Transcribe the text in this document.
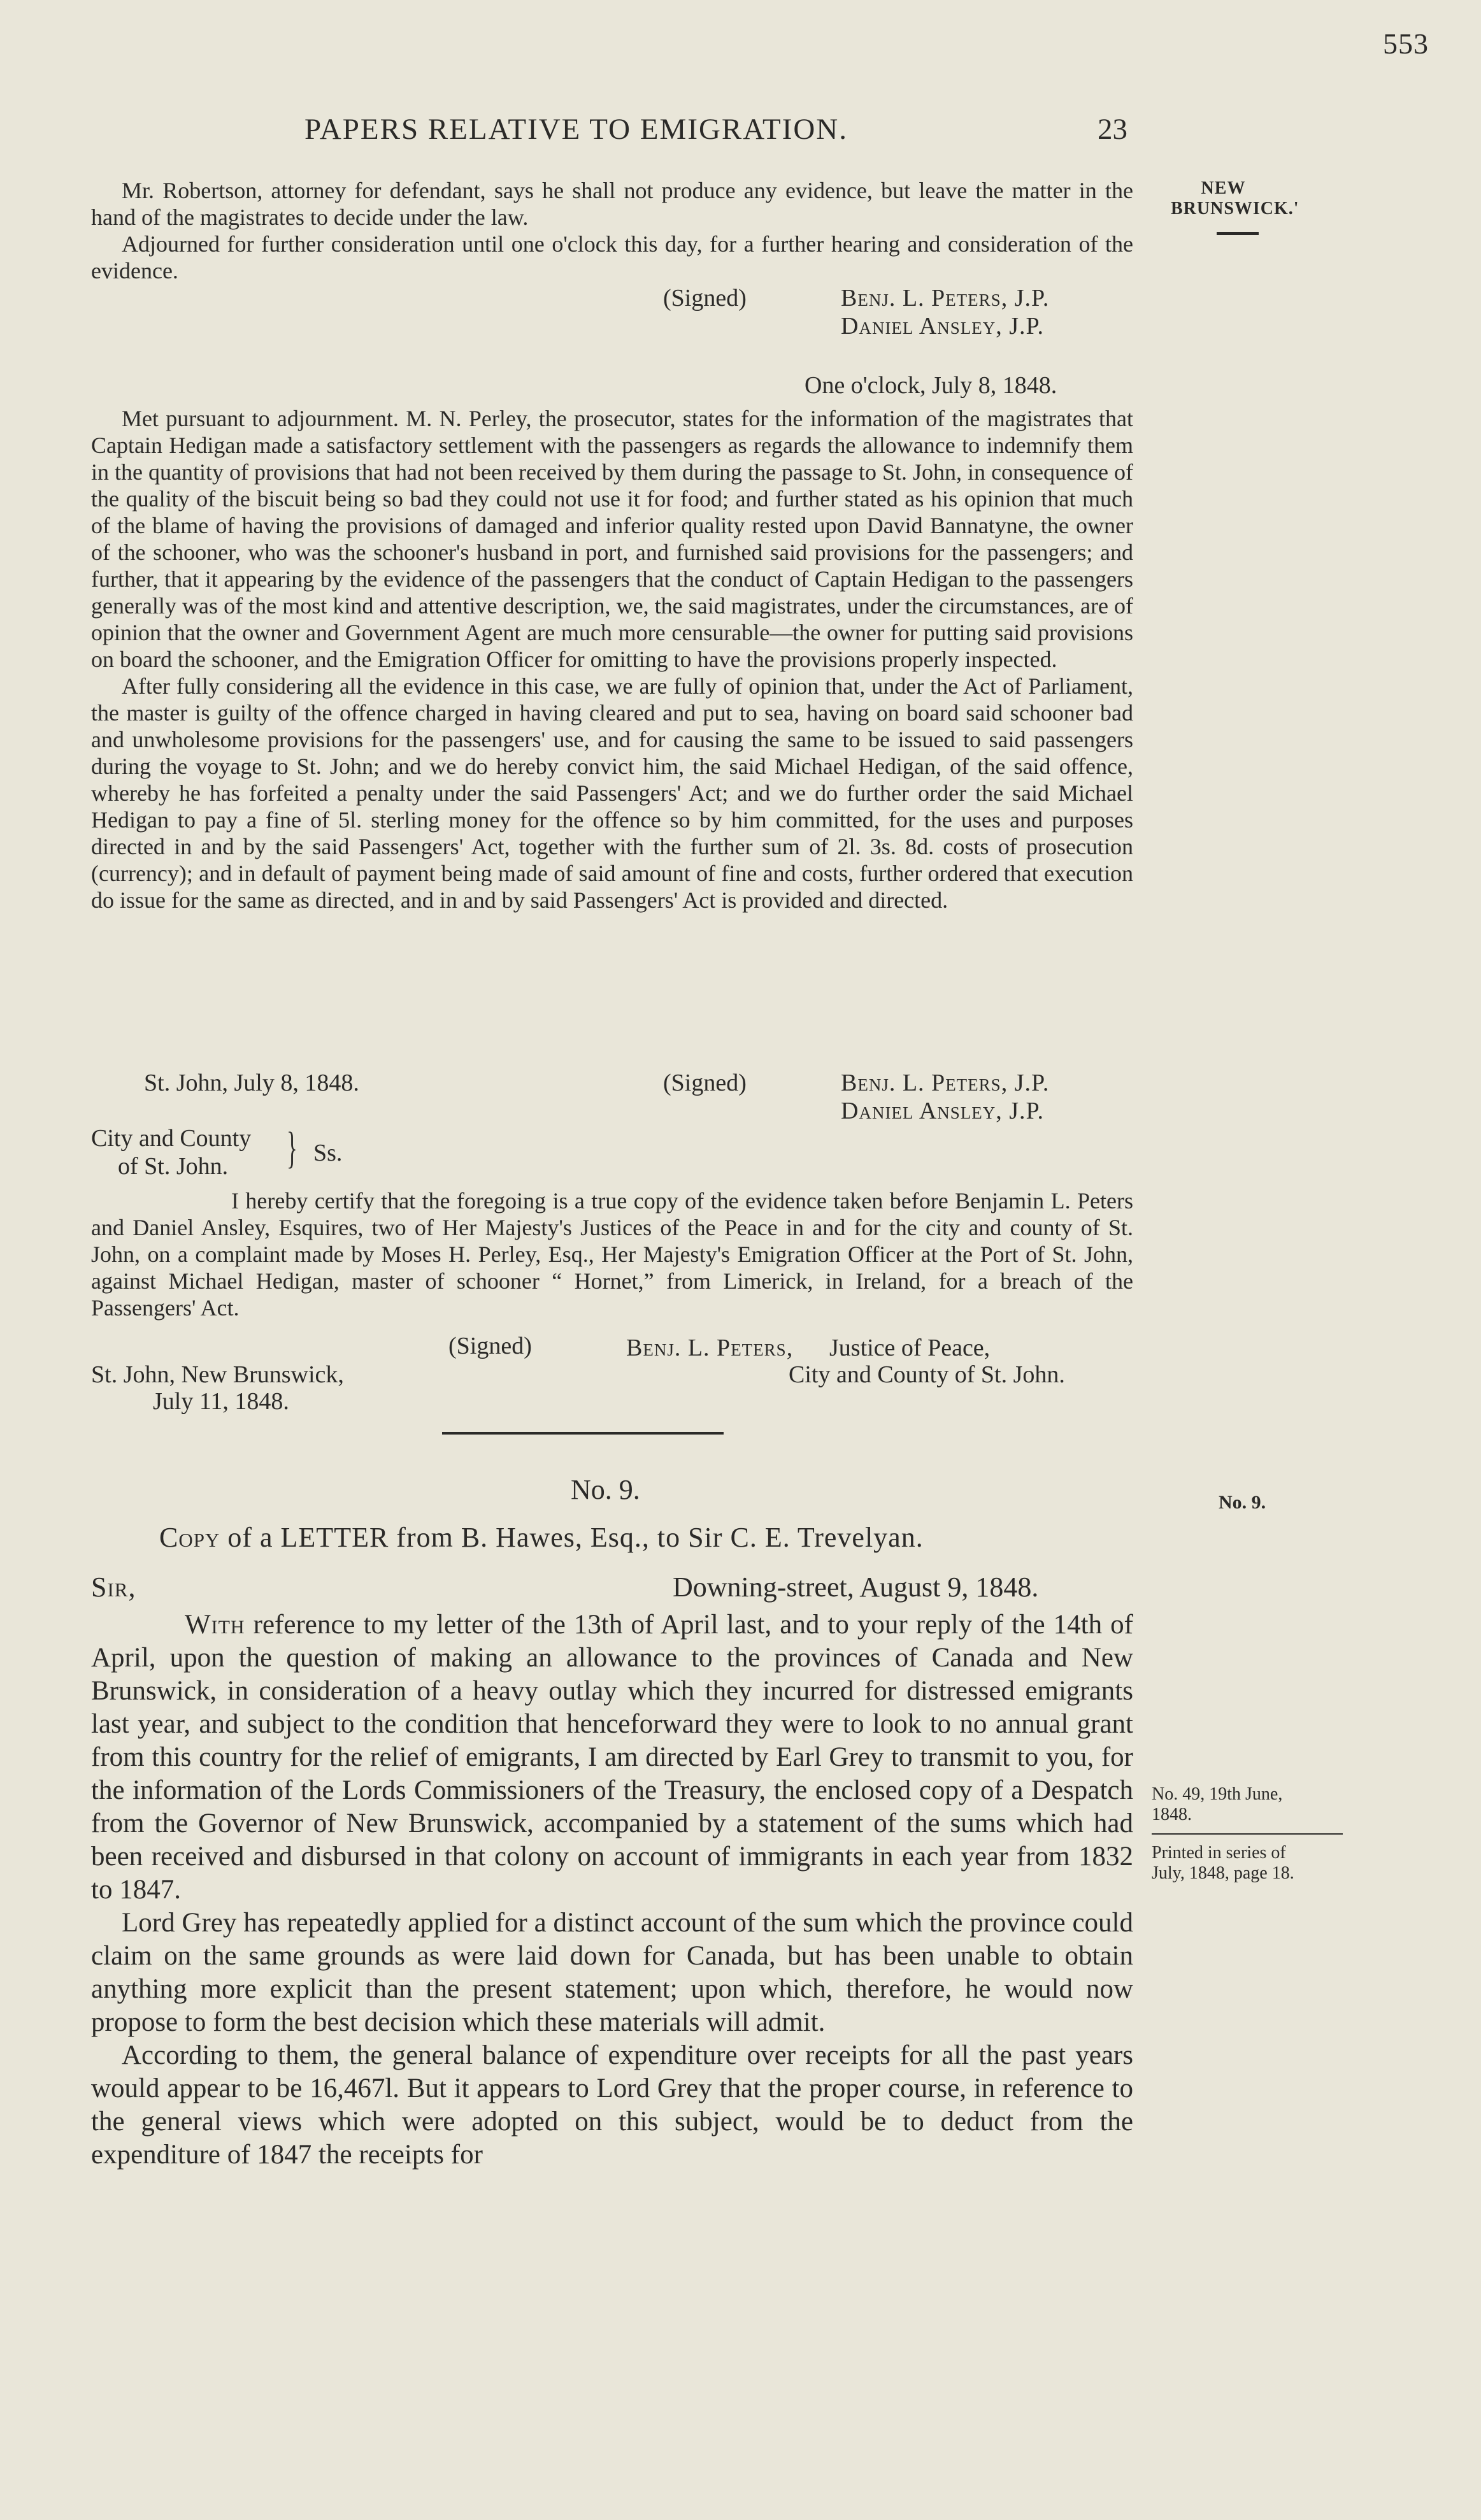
553
PAPERS RELATIVE TO EMIGRATION.	23
NEW
BRUNSWICK.'
No. 9.
No. 49, 19th June,
1848.
Printed in series of
July, 1848, page 18.

Mr. Robertson, attorney for defendant, says he shall not produce any evidence, but leave the matter in the hand of the magistrates to decide under the law.

Adjourned for further consideration until one o'clock this day, for a further hearing and consideration of the evidence.

(Signed)	Benj. L. Peters, J.P.
Daniel Ansley, J.P.
One o'clock, July 8, 1848.

Met pursuant to adjournment. M. N. Perley, the prosecutor, states for the information of the magistrates that Captain Hedigan made a satisfactory settlement with the passengers as regards the allowance to indemnify them in the quantity of provisions that had not been received by them during the passage to St. John, in consequence of the quality of the biscuit being so bad they could not use it for food; and further stated as his opinion that much of the blame of having the provisions of damaged and inferior quality rested upon David Bannatyne, the owner of the schooner, who was the schooner's husband in port, and furnished said provisions for the passengers; and further, that it appearing by the evidence of the passengers that the conduct of Captain Hedigan to the passengers generally was of the most kind and attentive description, we, the said magistrates, under the circumstances, are of opinion that the owner and Government Agent are much more censurable—the owner for putting said provisions on board the schooner, and the Emigration Officer for omitting to have the provisions properly inspected.

After fully considering all the evidence in this case, we are fully of opinion that, under the Act of Parliament, the master is guilty of the offence charged in having cleared and put to sea, having on board said schooner bad and unwholesome provisions for the passengers' use, and for causing the same to be issued to said passengers during the voyage to St. John; and we do hereby convict him, the said Michael Hedigan, of the said offence, whereby he has forfeited a penalty under the said Passengers' Act; and we do further order the said Michael Hedigan to pay a fine of 5l. sterling money for the offence so by him committed, for the uses and purposes directed in and by the said Passengers' Act, together with the further sum of 2l. 3s. 8d. costs of prosecution (currency); and in default of payment being made of said amount of fine and costs, further ordered that execution do issue for the same as directed, and in and by said Passengers' Act is provided and directed.

St. John, July 8, 1848.	(Signed)	Benj. L. Peters, J.P.
Daniel Ansley, J.P.
City and County
of St. John.	} Ss.

I hereby certify that the foregoing is a true copy of the evidence taken before Benjamin L. Peters and Daniel Ansley, Esquires, two of Her Majesty's Justices of the Peace in and for the city and county of St. John, on a complaint made by Moses H. Perley, Esq., Her Majesty's Emigration Officer at the Port of St. John, against Michael Hedigan, master of schooner “ Hornet,” from Limerick, in Ireland, for a breach of the Passengers' Act.

(Signed)	Benj. L. Peters, Justice of Peace,
City and County of St. John.
St. John, New Brunswick,
July 11, 1848.
No. 9.
Copy of a LETTER from B. Hawes, Esq., to Sir C. E. Trevelyan.
Sir,	Downing-street, August 9, 1848.

With reference to my letter of the 13th of April last, and to your reply of the 14th of April, upon the question of making an allowance to the provinces of Canada and New Brunswick, in consideration of a heavy outlay which they incurred for distressed emigrants last year, and subject to the condition that henceforward they were to look to no annual grant from this country for the relief of emigrants, I am directed by Earl Grey to transmit to you, for the information of the Lords Commissioners of the Treasury, the enclosed copy of a Despatch from the Governor of New Brunswick, accompanied by a statement of the sums which had been received and disbursed in that colony on account of immigrants in each year from 1832 to 1847.

Lord Grey has repeatedly applied for a distinct account of the sum which the province could claim on the same grounds as were laid down for Canada, but has been unable to obtain anything more explicit than the present statement; upon which, therefore, he would now propose to form the best decision which these materials will admit.

According to them, the general balance of expenditure over receipts for all the past years would appear to be 16,467l. But it appears to Lord Grey that the proper course, in reference to the general views which were adopted on this subject, would be to deduct from the expenditure of 1847 the receipts for
